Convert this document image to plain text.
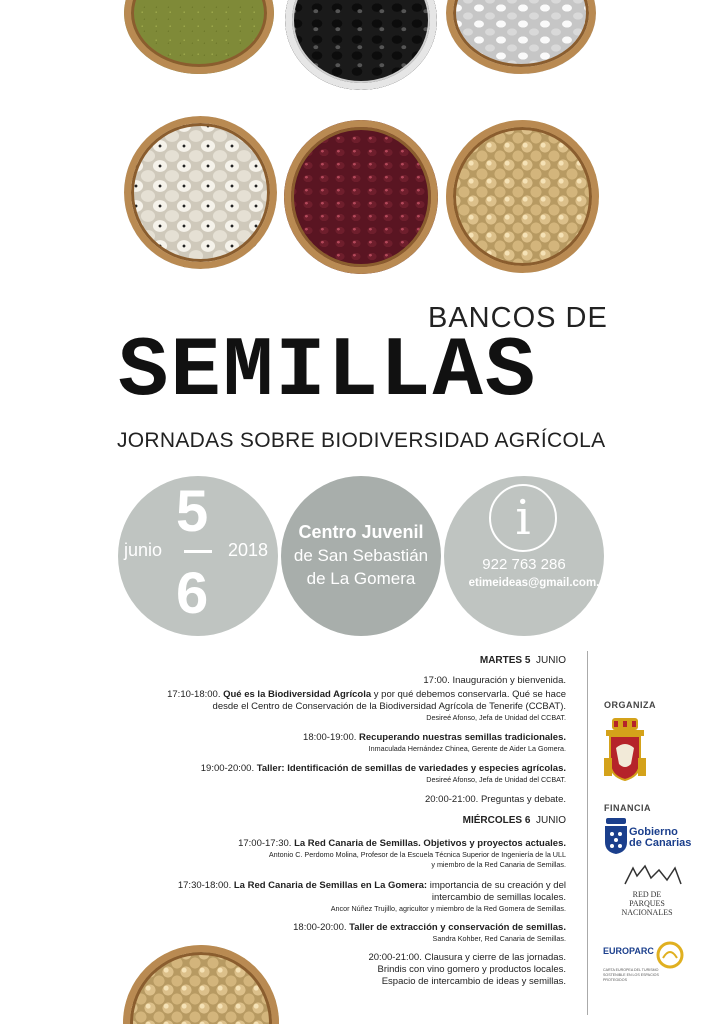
BANCOS DE
SEMILLAS
JORNADAS SOBRE BIODIVERSIDAD AGRÍCOLA
5
junio	2018
6
Centro Juvenil
de San Sebastián
de La Gomera
i
922 763 286
etimeideas@gmail.com.
MARTES 5 JUNIO
17:00. Inauguración y bienvenida.
17:10-18:00. Qué es la Biodiversidad Agrícola y por qué debemos conservarla. Qué se hace
desde el Centro de Conservación de la Biodiversidad Agrícola de Tenerife (CCBAT).
Desireé Afonso, Jefa de Unidad del CCBAT.
18:00-19:00. Recuperando nuestras semillas tradicionales.
Inmaculada Hernández Chinea, Gerente de Aider La Gomera.
19:00-20:00. Taller: Identificación de semillas de variedades y especies agrícolas.
Desireé Afonso, Jefa de Unidad del CCBAT.
20:00-21:00. Preguntas y debate.
MIÉRCOLES 6 JUNIO
17:00-17:30. La Red Canaria de Semillas. Objetivos y proyectos actuales.
Antonio C. Perdomo Molina, Profesor de la Escuela Técnica Superior de Ingeniería de la ULL
y miembro de la Red Canaria de Semillas.
17:30-18:00. La Red Canaria de Semillas en La Gomera: importancia de su creación y del
intercambio de semillas locales.
Ancor Núñez Trujillo, agricultor y miembro de la Red Gomera de Semillas.
18:00-20:00. Taller de extracción y conservación de semillas.
Sandra Kohber, Red Canaria de Semillas.
20:00-21:00. Clausura y cierre de las jornadas.
Brindis con vino gomero y productos locales.
Espacio de intercambio de ideas y semillas.
ORGANIZA
FINANCIA
Gobierno
de Canarias
RED DE
PARQUES NACIONALES
EUROPARC
CARTA EUROPEA DEL TURISMO SOSTENIBLE EN LOS ESPACIOS PROTEGIDOS
